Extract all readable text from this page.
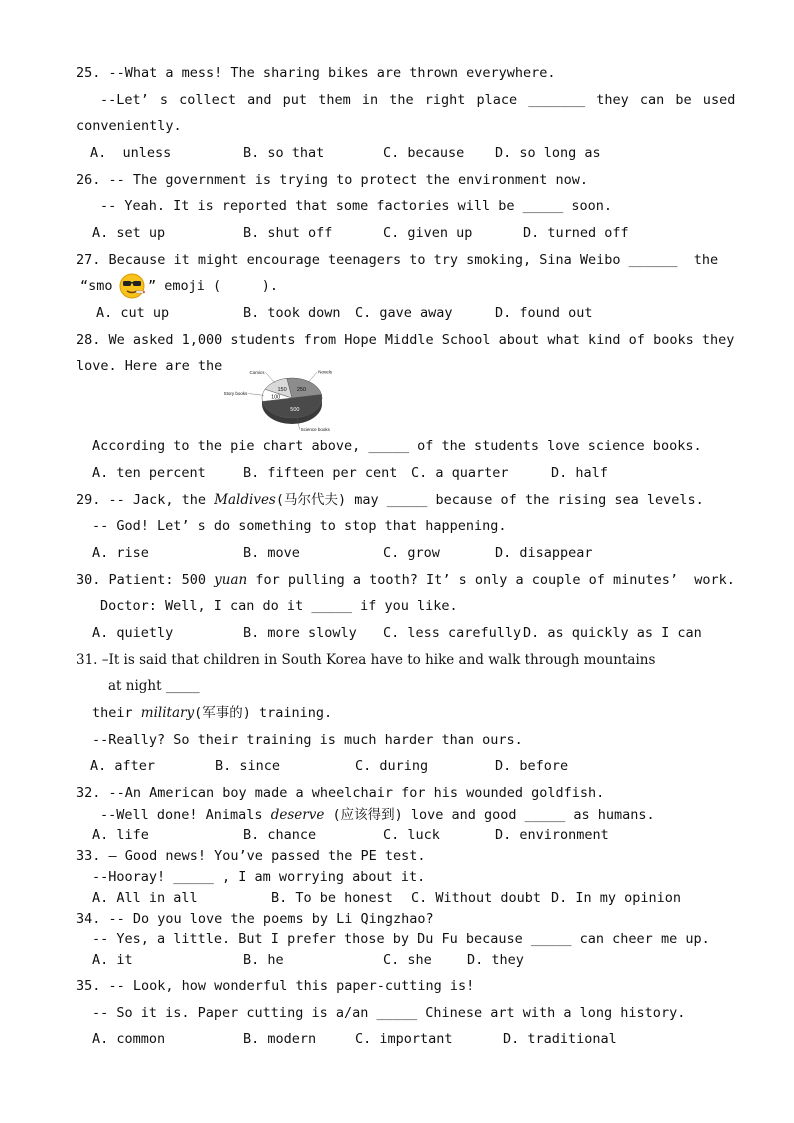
25. --What a mess! The sharing bikes are thrown everywhere.
--Let’ s collect and put them in the right place _______ they can be used
conveniently.
A.  unless	B. so that	C. because D. so long as
26. -- The government is trying to protect the environment now.
-- Yeah. It is reported that some factories will be _____ soon.
A. set up	B. shut off	C. given up	D. turned off
27. Because it might encourage teenagers to try smoking, Sina Weibo ______  the
“smo	” emoji (     ).
A. cut up	B. took down C. gave away	D. found out
28. We asked 1,000 students from Hope Middle School about what kind of books they
love. Here are the
250
Novels
500
Science books
100
Story books
150
Comics
According to the pie chart above, _____ of the students love science books.
A. ten percent	B. fifteen per cent C. a quarter	D. half
29. -- Jack, the Maldives(马尔代夫) may _____ because of the rising sea levels.
-- God! Let’ s do something to stop that happening.
A. rise	B. move	C. grow	D. disappear
30. Patient: 500 yuan for pulling a tooth? It’ s only a couple of minutes’  work.
Doctor: Well, I can do it _____ if you like.
A. quietly	B. more slowly C. less carefully D. as quickly as I can
31. –It is said that children in South Korea have to hike and walk through mountains
at night _____
their military(军事的) training.
--Really? So their training is much harder than ours.
A. after	B. since	C. during	D. before
32. --An American boy made a wheelchair for his wounded goldfish.
--Well done! Animals deserve (应该得到) love and good _____ as humans.
A. life	B. chance	C. luck	D. environment
33. – Good news! You’ve passed the PE test.
--Hooray! _____ , I am worrying about it.
A. All in all	B. To be honest C. Without doubt D. In my opinion
34. -- Do you love the poems by Li Qingzhao?
-- Yes, a little. But I prefer those by Du Fu because _____ can cheer me up.
A. it	B. he	C. she	D. they
35. -- Look, how wonderful this paper-cutting is!
-- So it is. Paper cutting is a/an _____ Chinese art with a long history.
A. common	B. modern	C. important	D. traditional
